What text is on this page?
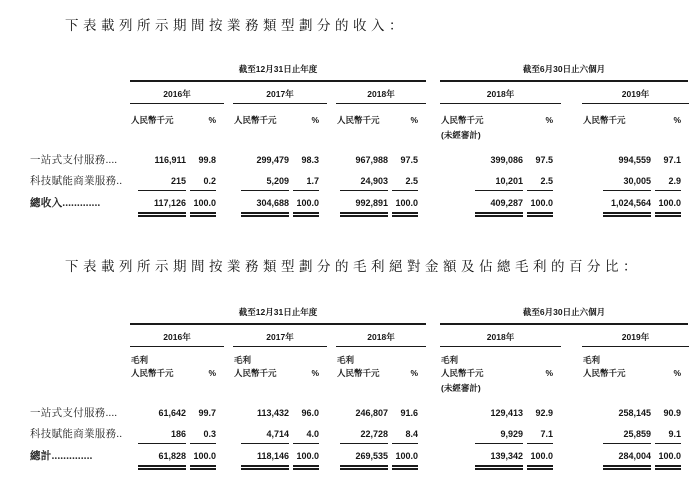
下表載列所示期間按業務類型劃分的收入：
截至12月31日止年度	截至6月30日止六個月
2016年	2017年	2018年	2018年	2019年
人民幣千元	%	人民幣千元	%	人民幣千元	%	人民幣千元	%	人民幣千元	%
(未經審計)
一站式支付服務....	116,911	99.8	299,479	98.3	967,988	97.5	399,086	97.5	994,559	97.1
科技賦能商業服務..	215	0.2	5,209	1.7	24,903	2.5	10,201	2.5	30,005	2.9
總收入.............	117,126 100.0	304,688 100.0	992,891 100.0	409,287 100.0	1,024,564 100.0
下表載列所示期間按業務類型劃分的毛利絕對金額及佔總毛利的百分比：
截至12月31日止年度	截至6月30日止六個月
2016年	2017年	2018年	2018年	2019年
毛利	毛利	毛利	毛利	毛利
人民幣千元	%	人民幣千元	%	人民幣千元	%	人民幣千元	%	人民幣千元	%
(未經審計)
一站式支付服務....	61,642	99.7	113,432	96.0	246,807	91.6	129,413	92.9	258,145	90.9
科技賦能商業服務..	186	0.3	4,714	4.0	22,728	8.4	9,929	7.1	25,859	9.1
總計..............	61,828 100.0	118,146 100.0	269,535 100.0	139,342 100.0	284,004 100.0
